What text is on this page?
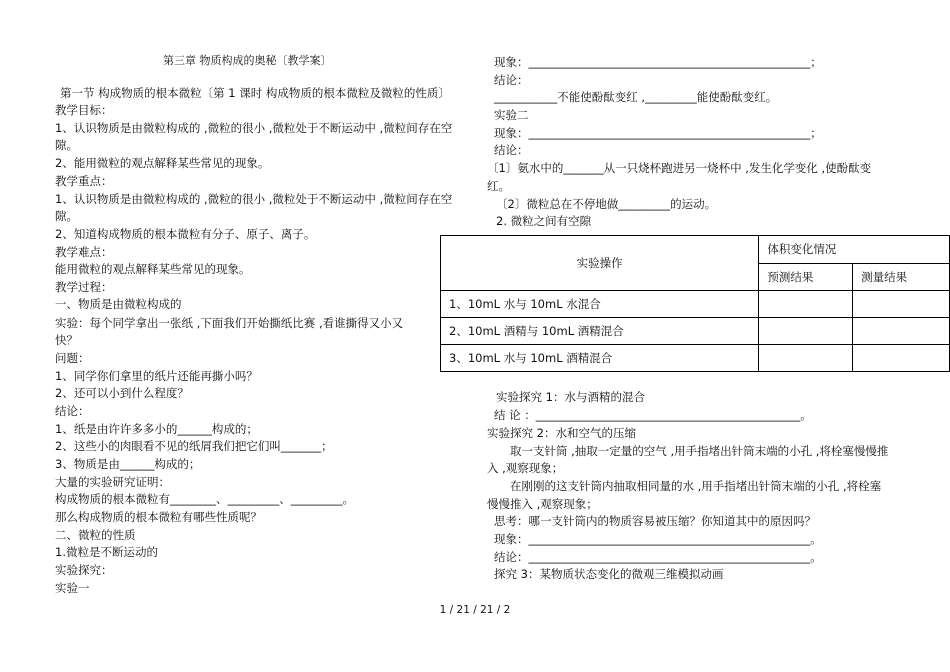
第三章 物质构成的奥秘〔教学案〕
第一节 构成物质的根本微粒〔第 1 课时 构成物质的根本微粒及微粒的性质〕
教学目标：
1、认识物质是由微粒构成的 ,微粒的很小 ,微粒处于不断运动中 ,微粒间存在空
隙。
2、能用微粒的观点解释某些常见的现象。
教学重点：
1、认识物质是由微粒构成的 ,微粒的很小 ,微粒处于不断运动中 ,微粒间存在空
隙。
2、知道构成物质的根本微粒有分子、原子、离子。
教学难点：
能用微粒的观点解释某些常见的现象。
教学过程：
一、物质是由微粒构成的
实验：每个同学拿出一张纸 ,下面我们开始撕纸比赛 ,看谁撕得又小又
快？
问题：
1、同学你们拿里的纸片还能再撕小吗？
2、还可以小到什么程度？
结论：
1、纸是由许许多多小的______构成的；
2、这些小的肉眼看不见的纸屑我们把它们叫_______；
3、物质是由______构成的；
大量的实验研究证明：
构成物质的根本微粒有________、_________、_________。
那么构成物质的根本微粒有哪些性质呢？
二、微粒的性质
1.微粒是不断运动的
实验探究：
实验一
现象：_________________________________________________；
结论：
___________不能使酚酞变红 ,_________能使酚酞变红。
实验二
现象：_________________________________________________；
结论：
〔1〕氨水中的_______从一只烧杯跑进另一烧杯中 ,发生化学变化 ,使酚酞变
红。
〔2〕微粒总在不停地做_________的运动。
2. 微粒之间有空隙
实验操作	体积变化情况	
	预测结果	测量结果
1、10mL 水与 10mL 水混合		
2、10mL 酒精与 10mL 酒精混合		
3、10mL 水与 10mL 酒精混合		
实验探究 1：水与酒精的混合
结 论 ：______________________________________________。
实验探究 2：水和空气的压缩
取一支针筒 ,抽取一定量的空气 ,用手指堵出针筒末端的小孔 ,将栓塞慢慢推
入 ,观察现象；
在刚刚的这支针筒内抽取相同量的水 ,用手指堵出针筒末端的小孔 ,将栓塞
慢慢推入 ,观察现象；
思考：哪一支针筒内的物质容易被压缩？你知道其中的原因吗？
现象：_________________________________________________。
结论：_________________________________________________。
探究 3：某物质状态变化的微观三维模拟动画
1 / 21 / 21 / 2
